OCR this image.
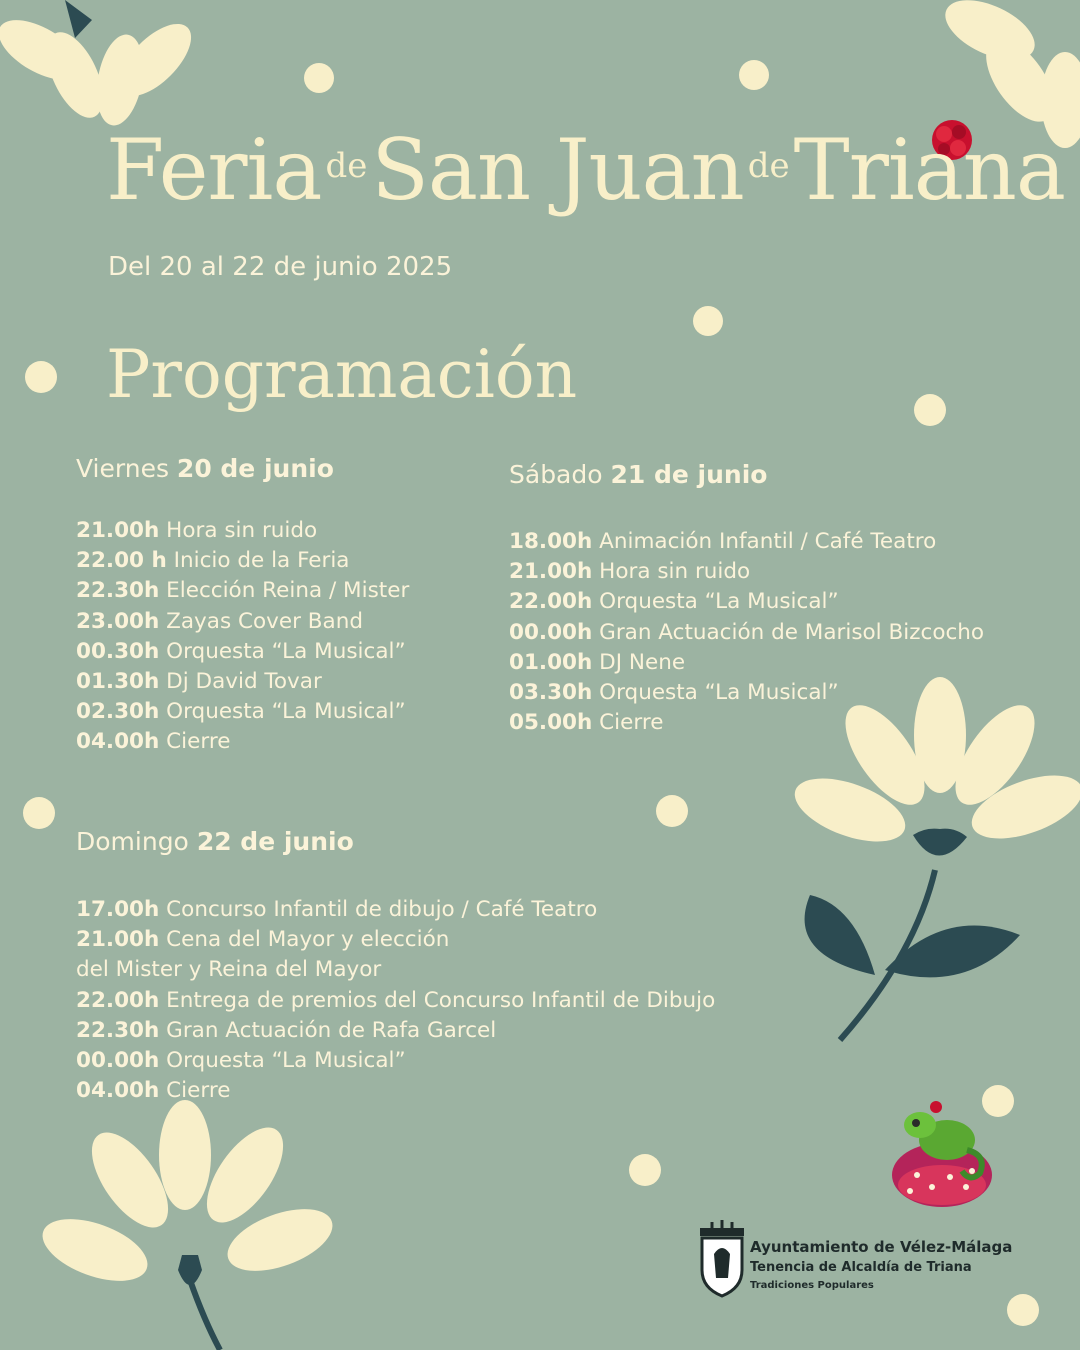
Feria deSan Juan deTriana
Del 20 al 22 de junio 2025
Programación
Viernes 20 de junio
21.00h Hora sin ruido
22.00 h Inicio de la Feria
22.30h Elección Reina / Mister
23.00h Zayas Cover Band
00.30h Orquesta “La Musical”
01.30h Dj David Tovar
02.30h Orquesta “La Musical”
04.00h Cierre
Sábado 21 de junio
18.00h Animación Infantil / Café Teatro
21.00h Hora sin ruido
22.00h Orquesta “La Musical”
00.00h Gran Actuación de Marisol Bizcocho
01.00h DJ Nene
03.30h Orquesta “La Musical”
05.00h Cierre
Domingo 22 de junio
17.00h Concurso Infantil de dibujo / Café Teatro
21.00h Cena del Mayor y elección
del Mister y Reina del Mayor
22.00h Entrega de premios del Concurso Infantil de Dibujo
22.30h Gran Actuación de Rafa Garcel
00.00h Orquesta “La Musical”
04.00h Cierre
Ayuntamiento de Vélez-Málaga
Tenencia de Alcaldía de Triana
Tradiciones Populares
